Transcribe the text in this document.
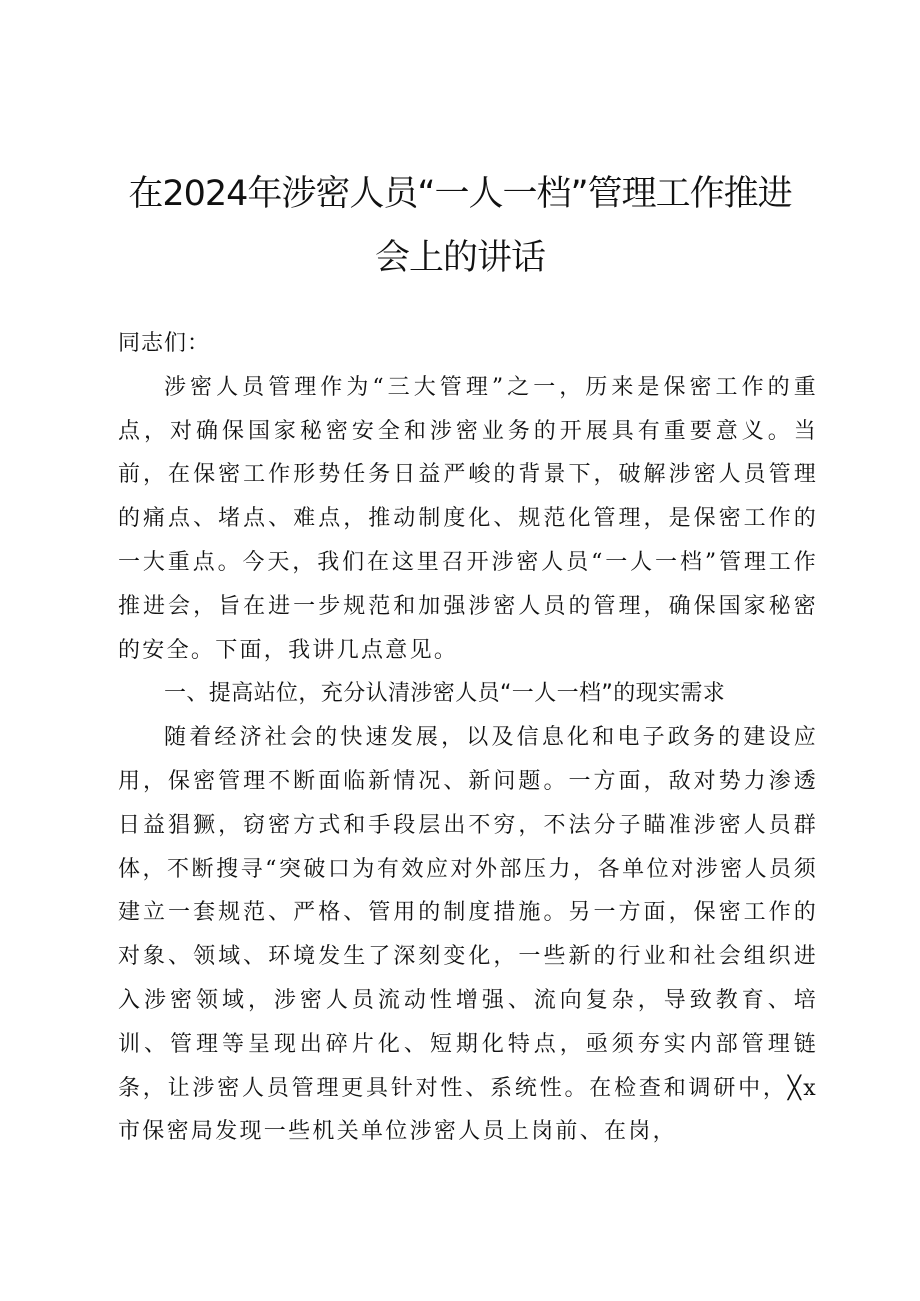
在2024年涉密人员“一人一档”管理工作推进
会上的讲话

同志们：

涉密人员管理作为“三大管理”之一，历来是保密工作的重点，对确保国家秘密安全和涉密业务的开展具有重要意义。当前，在保密工作形势任务日益严峻的背景下，破解涉密人员管理的痛点、堵点、难点，推动制度化、规范化管理，是保密工作的一大重点。今天，我们在这里召开涉密人员“一人一档”管理工作推进会，旨在进一步规范和加强涉密人员的管理，确保国家秘密的安全。下面，我讲几点意见。

一、提高站位，充分认清涉密人员“一人一档”的现实需求

随着经济社会的快速发展，以及信息化和电子政务的建设应用，保密管理不断面临新情况、新问题。一方面，敌对势力渗透日益猖獗，窃密方式和手段层出不穷，不法分子瞄准涉密人员群体，不断搜寻“突破口为有效应对外部压力，各单位对涉密人员须建立一套规范、严格、管用的制度措施。另一方面，保密工作的对象、领域、环境发生了深刻变化，一些新的行业和社会组织进入涉密领域，涉密人员流动性增强、流向复杂，导致教育、培训、管理等呈现出碎片化、短期化特点，亟须夯实内部管理链条，让涉密人员管理更具针对性、系统性。在检查和调研中，╳x市保密局发现一些机关单位涉密人员上岗前、在岗，
